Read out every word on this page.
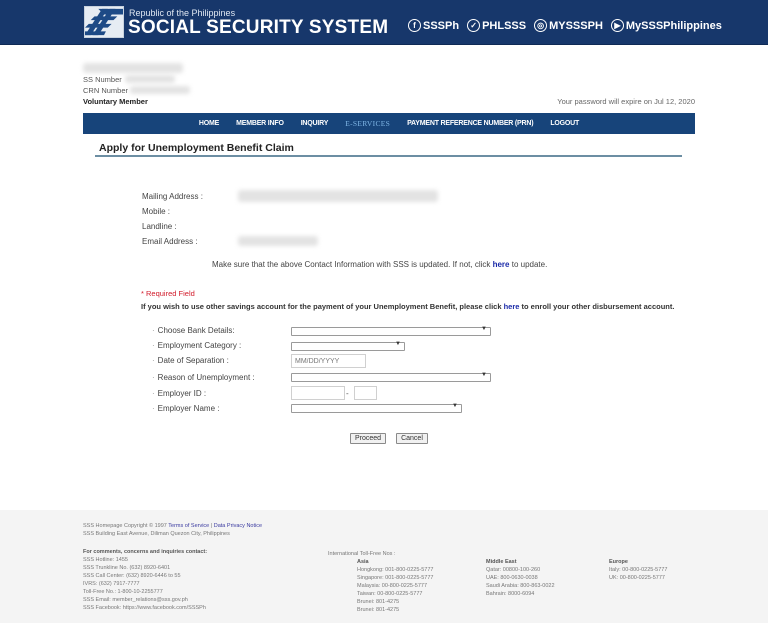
Republic of the Philippines
SOCIAL SECURITY SYSTEM	f SSSPh	✓ PHLSSS	◎ MYSSSPH	▶ MySSSPhilippines
SS Number
CRN Number
Voluntary Member	Your password will expire on Jul 12, 2020
HOME MEMBER INFO INQUIRY E-SERVICES PAYMENT REFERENCE NUMBER (PRN) LOGOUT
Apply for Unemployment Benefit Claim
Mailing Address :
Mobile :
Landline :
Email Address :
Make sure that the above Contact Information with SSS is updated. If not, click here to update.
* Required Field
If you wish to use other savings account for the payment of your Unemployment Benefit, please click here to enroll your other disbursement account.
· Choose Bank Details:	▼
· Employment Category :	▼
· Date of Separation :
MM/DD/YYYY
· Reason of Unemployment :	▼
· Employer ID :	-
· Employer Name :	▼
Proceed	Cancel
SSS Homepage Copyright © 1997 Terms of Service | Data Privacy Notice
SSS Building East Avenue, Diliman Quezon City, Philippines
For comments, concerns and inquiries contact:
SSS Hotline: 1455
SSS Trunkline No. (632) 8920-6401
SSS Call Center: (632) 8920-6446 to 55
IVRS: (632) 7917-7777
Toll-Free No.: 1-800-10-2255777
SSS Email: member_relations@sss.gov.ph
SSS Facebook: https://www.facebook.com/SSSPh
International Toll-Free Nos :
Asia
Hongkong: 001-800-0225-5777
Singapore: 001-800-0225-5777
Malaysia: 00-800-0225-5777
Taiwan: 00-800-0225-5777
Brunei: 801-4275
Brunei: 801-4275
Middle East
Qatar: 00800-100-260
UAE: 800-0630-0038
Saudi Arabia: 800-863-0022
Bahrain: 8000-6094
Europe
Italy: 00-800-0225-5777
UK: 00-800-0225-5777
